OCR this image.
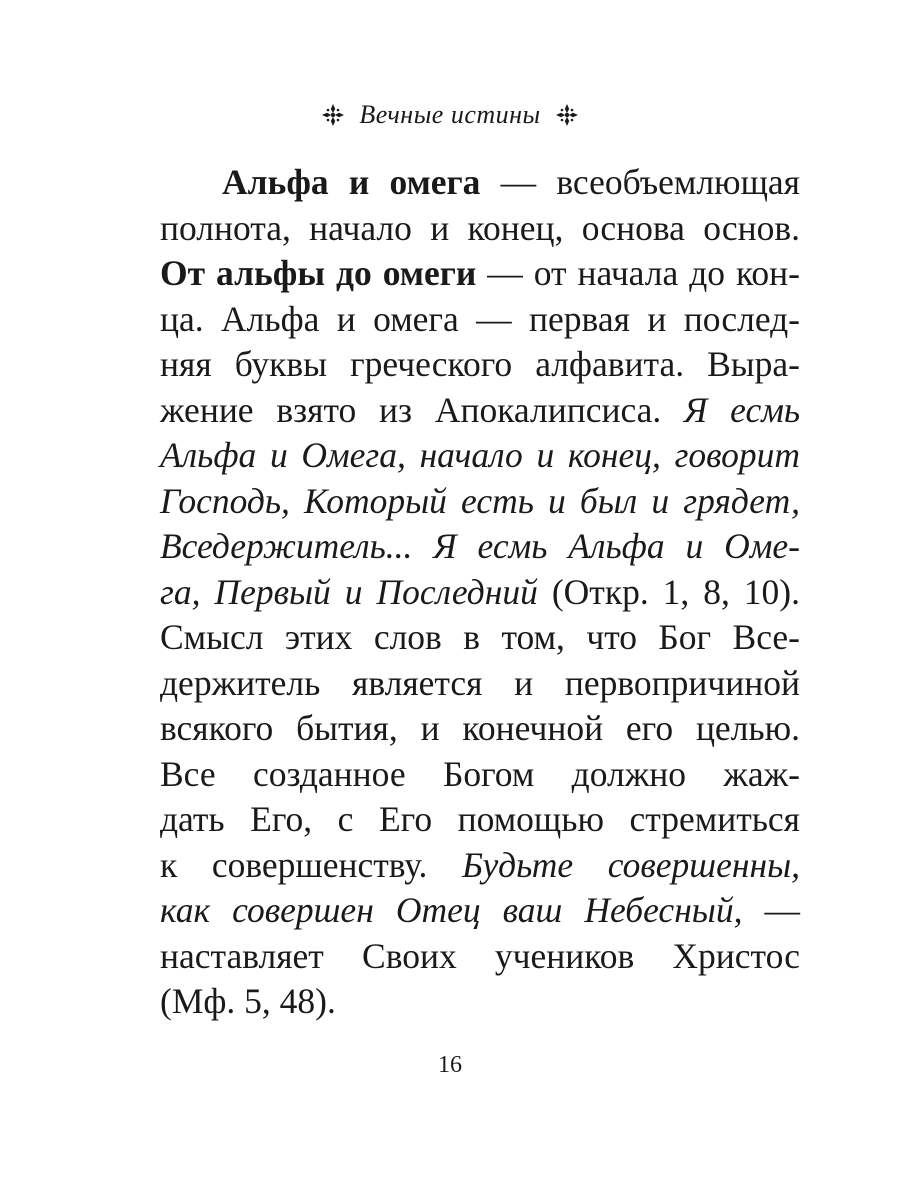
Вечные истины
Альфа и омега — всеобъемлющая
полнота, начало и конец, основа основ.
От альфы до омеги — от начала до кон-
ца. Альфа и омега — первая и послед-
няя буквы греческого алфавита. Выра-
жение взято из Апокалипсиса. Я есмь
Альфа и Омега, начало и конец, говорит
Господь, Который есть и был и грядет,
Вседержитель... Я есмь Альфа и Оме-
га, Первый и Последний (Откр. 1, 8, 10).
Смысл этих слов в том, что Бог Все-
держитель является и первопричиной
всякого бытия, и конечной его целью.
Все созданное Богом должно жаж-
дать Его, с Его помощью стремиться
к совершенству. Будьте совершенны,
как совершен Отец ваш Небесный, —
наставляет Своих учеников Христос
(Мф. 5, 48).
16
